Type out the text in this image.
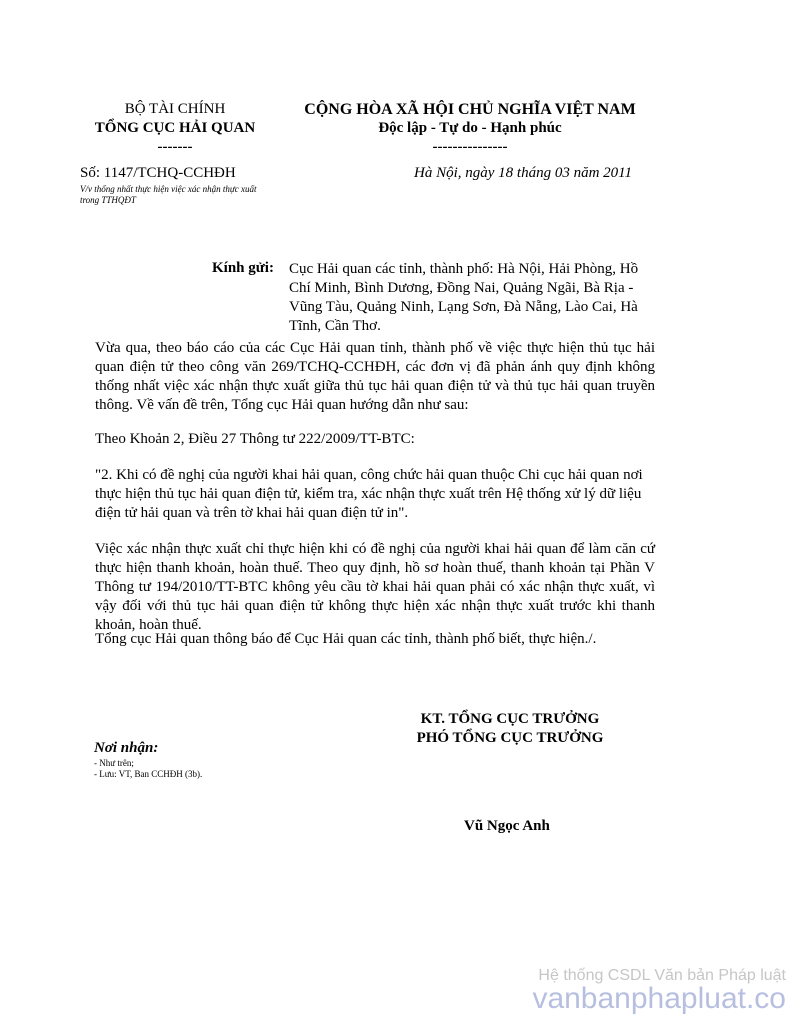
BỘ TÀI CHÍNH
TỔNG CỤC HẢI QUAN
-------
CỘNG HÒA XÃ HỘI CHỦ NGHĨA VIỆT NAM
Độc lập - Tự do - Hạnh phúc
---------------
Số: 1147/TCHQ-CCHĐH
V/v thống nhất thực hiện việc xác nhận thực xuất trong TTHQĐT
Hà Nội, ngày 18 tháng 03 năm 2011
Kính gửi: Cục Hải quan các tỉnh, thành phố: Hà Nội, Hải Phòng, Hồ Chí Minh, Bình Dương, Đồng Nai, Quảng Ngãi, Bà Rịa - Vũng Tàu, Quảng Ninh, Lạng Sơn, Đà Nẵng, Lào Cai, Hà Tĩnh, Cần Thơ.
Vừa qua, theo báo cáo của các Cục Hải quan tỉnh, thành phố về việc thực hiện thủ tục hải quan điện tử theo công văn 269/TCHQ-CCHĐH, các đơn vị đã phản ánh quy định không thống nhất việc xác nhận thực xuất giữa thủ tục hải quan điện tử và thủ tục hải quan truyền thông. Về vấn đề trên, Tổng cục Hải quan hướng dẫn như sau:
Theo Khoản 2, Điều 27 Thông tư 222/2009/TT-BTC:
"2. Khi có đề nghị của người khai hải quan, công chức hải quan thuộc Chi cục hải quan nơi thực hiện thủ tục hải quan điện tử, kiểm tra, xác nhận thực xuất trên Hệ thống xử lý dữ liệu điện tử hải quan và trên tờ khai hải quan điện tử in".
Việc xác nhận thực xuất chỉ thực hiện khi có đề nghị của người khai hải quan để làm căn cứ thực hiện thanh khoản, hoàn thuế. Theo quy định, hồ sơ hoàn thuế, thanh khoản tại Phần V Thông tư 194/2010/TT-BTC không yêu cầu tờ khai hải quan phải có xác nhận thực xuất, vì vậy đối với thủ tục hải quan điện tử không thực hiện xác nhận thực xuất trước khi thanh khoản, hoàn thuế.
Tổng cục Hải quan thông báo để Cục Hải quan các tỉnh, thành phố biết, thực hiện./.
KT. TỔNG CỤC TRƯỞNG
PHÓ TỔNG CỤC TRƯỞNG
Nơi nhận:
- Như trên;
- Lưu: VT, Ban CCHĐH (3b).
Vũ Ngọc Anh
Hệ thống CSDL Văn bản Pháp luật
vanbanphapluat.co
